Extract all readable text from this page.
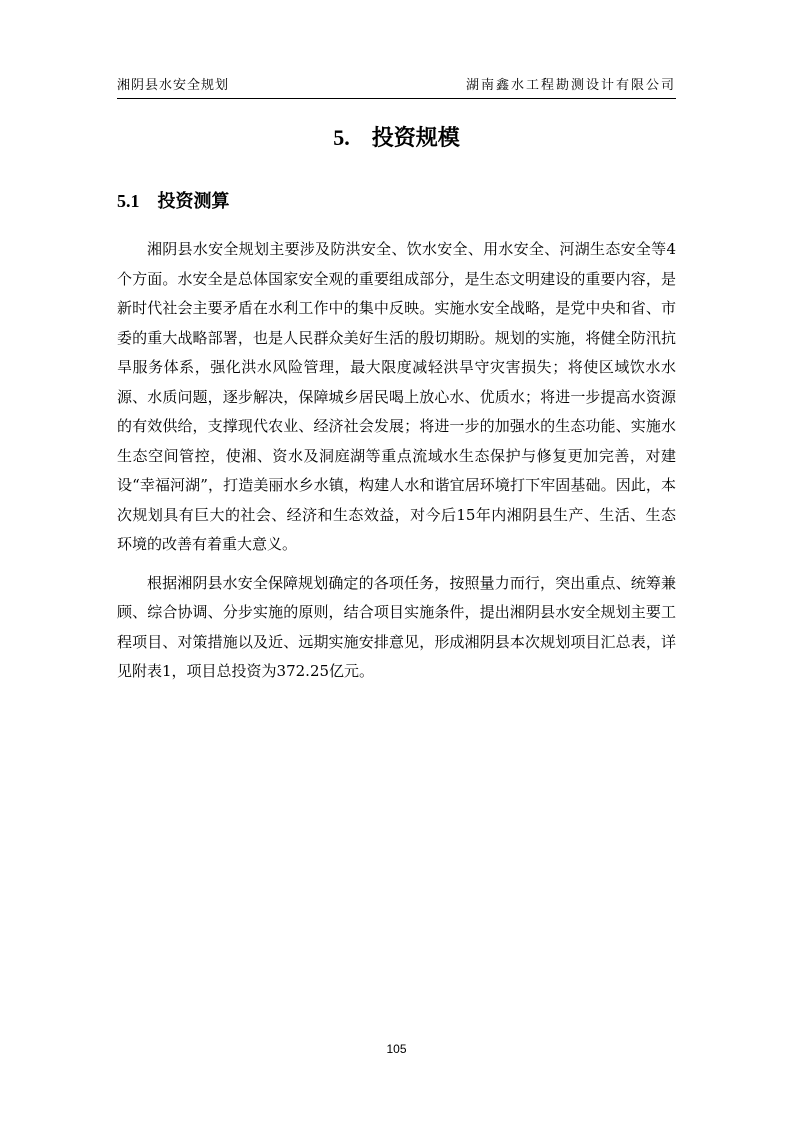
湘阴县水安全规划	湖南鑫水工程勘测设计有限公司
5. 投资规模
5.1 投资测算

湘阴县水安全规划主要涉及防洪安全、饮水安全、用水安全、河湖生态安全等4个方面。水安全是总体国家安全观的重要组成部分，是生态文明建设的重要内容，是新时代社会主要矛盾在水利工作中的集中反映。实施水安全战略，是党中央和省、市委的重大战略部署，也是人民群众美好生活的殷切期盼。规划的实施，将健全防汛抗旱服务体系，强化洪水风险管理，最大限度减轻洪旱守灾害损失；将使区域饮水水源、水质问题，逐步解决，保障城乡居民喝上放心水、优质水；将进一步提高水资源的有效供给，支撑现代农业、经济社会发展；将进一步的加强水的生态功能、实施水生态空间管控，使湘、资水及洞庭湖等重点流域水生态保护与修复更加完善，对建设“幸福河湖”，打造美丽水乡水镇，构建人水和谐宜居环境打下牢固基础。因此，本次规划具有巨大的社会、经济和生态效益，对今后15年内湘阴县生产、生活、生态环境的改善有着重大意义。

根据湘阴县水安全保障规划确定的各项任务，按照量力而行，突出重点、统筹兼顾、综合协调、分步实施的原则，结合项目实施条件，提出湘阴县水安全规划主要工程项目、对策措施以及近、远期实施安排意见，形成湘阴县本次规划项目汇总表，详见附表1，项目总投资为372.25亿元。

105
